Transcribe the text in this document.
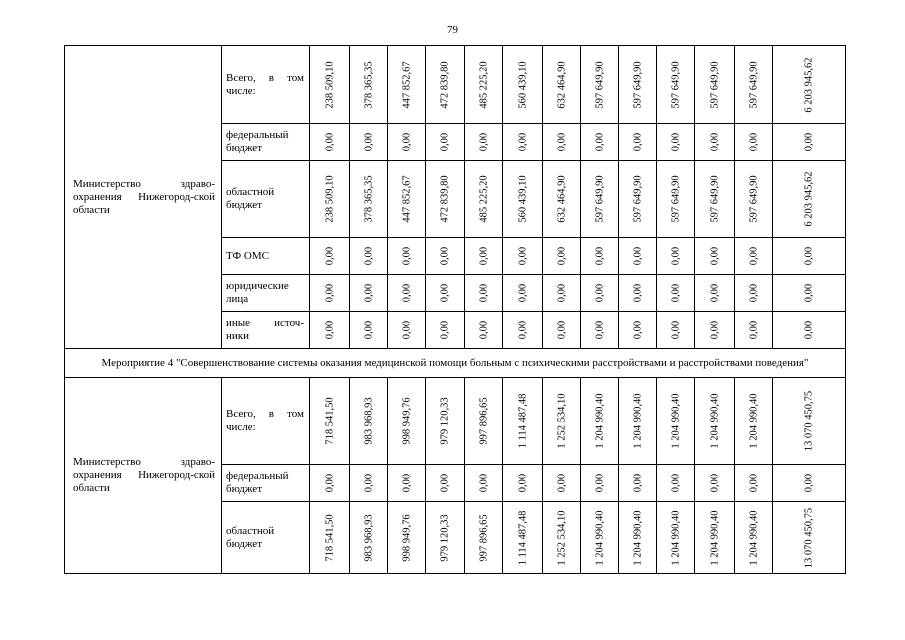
79
Министерство здраво-охранения Нижегород-ской области	Всего, в том числе:	238 509,10	378 365,35	447 852,67	472 839,80	485 225,20	560 439,10	632 464,90	597 649,90	597 649,90	597 649,90	597 649,90	597 649,90	6 203 945,62

	федеральный бюджет	0,00	0,00	0,00	0,00	0,00	0,00	0,00	0,00	0,00	0,00	0,00	0,00	0,00

	областной бюджет	238 509,10	378 365,35	447 852,67	472 839,80	485 225,20	560 439,10	632 464,90	597 649,90	597 649,90	597 649,90	597 649,90	597 649,90	6 203 945,62

	ТФ ОМС	0,00	0,00	0,00	0,00	0,00	0,00	0,00	0,00	0,00	0,00	0,00	0,00	0,00

	юридические лица	0,00	0,00	0,00	0,00	0,00	0,00	0,00	0,00	0,00	0,00	0,00	0,00	0,00

	иные источ-ники	0,00	0,00	0,00	0,00	0,00	0,00	0,00	0,00	0,00	0,00	0,00	0,00	0,00

Мероприятие 4 "Совершенствование системы оказания медицинской помощи больным с психическими расстройствами и расстройствами поведения"														
Министерство здраво-охранения Нижегород-ской области	Всего, в том числе:	718 541,50	983 968,93	998 949,76	979 120,33	997 896,65	1 114 487,48	1 252 534,10	1 204 990,40	1 204 990,40	1 204 990,40	1 204 990,40	1 204 990,40	13 070 450,75

	федеральный бюджет	0,00	0,00	0,00	0,00	0,00	0,00	0,00	0,00	0,00	0,00	0,00	0,00	0,00

	областной бюджет	718 541,50	983 968,93	998 949,76	979 120,33	997 896,65	1 114 487,48	1 252 534,10	1 204 990,40	1 204 990,40	1 204 990,40	1 204 990,40	1 204 990,40	13 070 450,75
